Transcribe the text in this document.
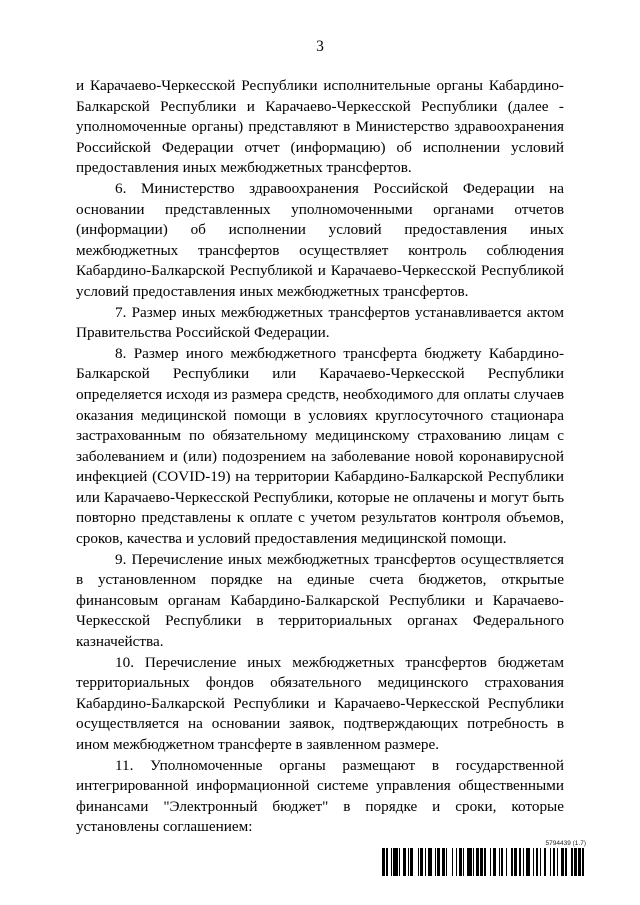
3

и Карачаево-Черкесской Республики исполнительные органы Кабардино-Балкарской Республики и Карачаево-Черкесской Республики (далее - уполномоченные органы) представляют в Министерство здравоохранения Российской Федерации отчет (информацию) об исполнении условий предоставления иных межбюджетных трансфертов.

6. Министерство здравоохранения Российской Федерации на основании представленных уполномоченными органами отчетов (информации) об исполнении условий предоставления иных межбюджетных трансфертов осуществляет контроль соблюдения Кабардино-Балкарской Республикой и Карачаево-Черкесской Республикой условий предоставления иных межбюджетных трансфертов.

7. Размер иных межбюджетных трансфертов устанавливается актом Правительства Российской Федерации.

8. Размер иного межбюджетного трансферта бюджету Кабардино-Балкарской Республики или Карачаево-Черкесской Республики определяется исходя из размера средств, необходимого для оплаты случаев оказания медицинской помощи в условиях круглосуточного стационара застрахованным по обязательному медицинскому страхованию лицам с заболеванием и (или) подозрением на заболевание новой коронавирусной инфекцией (COVID-19) на территории Кабардино-Балкарской Республики или Карачаево-Черкесской Республики, которые не оплачены и могут быть повторно представлены к оплате с учетом результатов контроля объемов, сроков, качества и условий предоставления медицинской помощи.

9. Перечисление иных межбюджетных трансфертов осуществляется в установленном порядке на единые счета бюджетов, открытые финансовым органам Кабардино-Балкарской Республики и Карачаево-Черкесской Республики в территориальных органах Федерального казначейства.

10. Перечисление иных межбюджетных трансфертов бюджетам территориальных фондов обязательного медицинского страхования Кабардино-Балкарской Республики и Карачаево-Черкесской Республики осуществляется на основании заявок, подтверждающих потребность в ином межбюджетном трансферте в заявленном размере.

11. Уполномоченные органы размещают в государственной интегрированной информационной системе управления общественными финансами "Электронный бюджет" в порядке и сроки, которые установлены соглашением:

5794439 (1.7)
